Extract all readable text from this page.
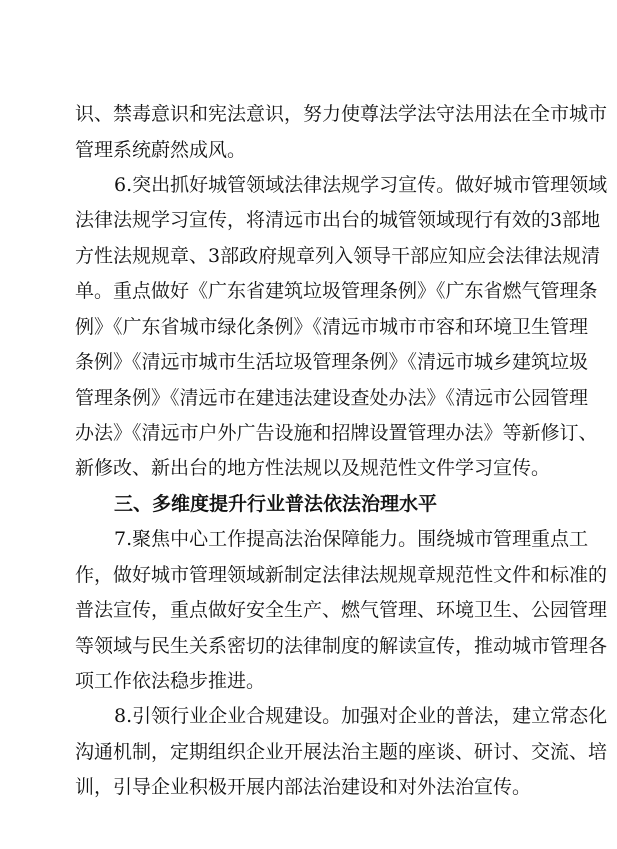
识、禁毒意识和宪法意识，努力使尊法学法守法用法在全市城市
管理系统蔚然成风。
6.突出抓好城管领域法律法规学习宣传。做好城市管理领域
法律法规学习宣传，将清远市出台的城管领域现行有效的3部地
方性法规规章、3部政府规章列入领导干部应知应会法律法规清
单。重点做好《广东省建筑垃圾管理条例》《广东省燃气管理条
例》《广东省城市绿化条例》《清远市城市市容和环境卫生管理
条例》《清远市城市生活垃圾管理条例》《清远市城乡建筑垃圾
管理条例》《清远市在建违法建设查处办法》《清远市公园管理
办法》《清远市户外广告设施和招牌设置管理办法》等新修订、
新修改、新出台的地方性法规以及规范性文件学习宣传。
三、多维度提升行业普法依法治理水平
7.聚焦中心工作提高法治保障能力。围绕城市管理重点工
作，做好城市管理领域新制定法律法规规章规范性文件和标准的
普法宣传，重点做好安全生产、燃气管理、环境卫生、公园管理
等领域与民生关系密切的法律制度的解读宣传，推动城市管理各
项工作依法稳步推进。
8.引领行业企业合规建设。加强对企业的普法，建立常态化
沟通机制，定期组织企业开展法治主题的座谈、研讨、交流、培
训，引导企业积极开展内部法治建设和对外法治宣传。
